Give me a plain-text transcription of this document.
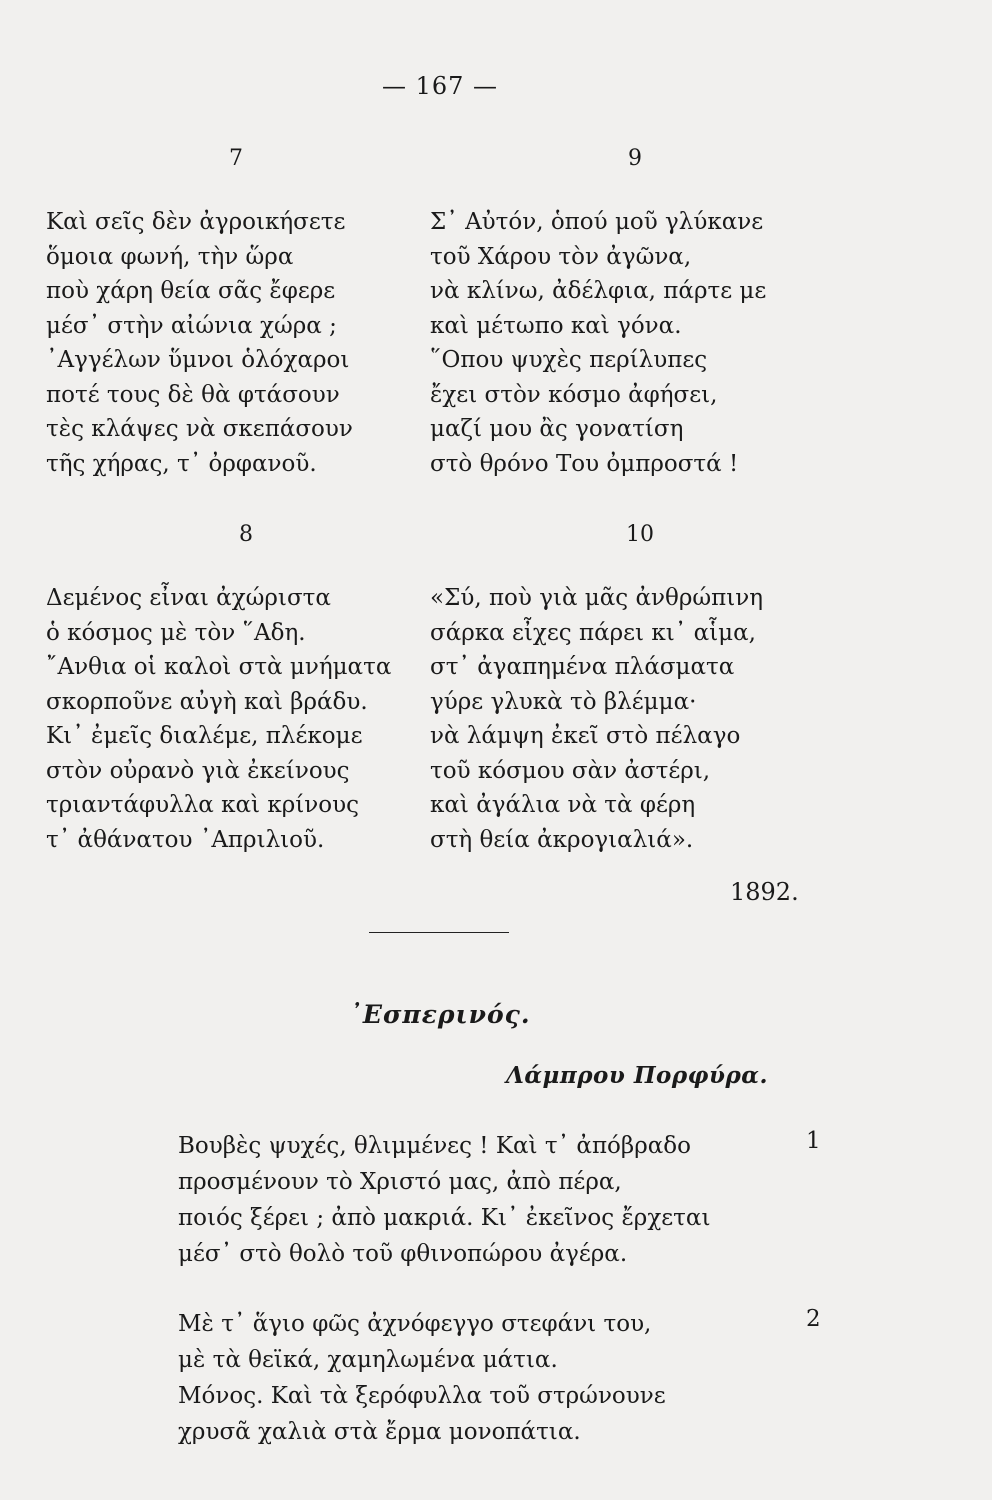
— 167 —
7
Καὶ σεῖς δὲν ἀγροικήσετε
ὅμοια φωνή, τὴν ὥρα
ποὺ χάρη θεία σᾶς ἔφερε
μέσ᾽ στὴν αἰώνια χώρα ;
᾿Αγγέλων ὕμνοι ὁλόχαροι
ποτέ τους δὲ θὰ φτάσουν
τὲς κλάψες νὰ σκεπάσουν
τῆς χήρας, τ᾽ ὀρφανοῦ.
9
Σ᾽ Αὐτόν, ὁπού μοῦ γλύκανε
τοῦ Χάρου τὸν ἀγῶνα,
νὰ κλίνω, ἀδέλφια, πάρτε με
καὶ μέτωπο καὶ γόνα.
῞Οπου ψυχὲς περίλυπες
ἔχει στὸν κόσμο ἀφήσει,
μαζί μου ἂς γονατίση
στὸ θρόνο Του ὀμπροστά !
8
Δεμένος εἶναι ἀχώριστα
ὁ κόσμος μὲ τὸν ῞Αδη.
῎Ανθια οἱ καλοὶ στὰ μνήματα
σκορποῦνε αὐγὴ καὶ βράδυ.
Κι᾽ ἐμεῖς διαλέμε, πλέκομε
στὸν οὐρανὸ γιὰ ἐκείνους
τριαντάφυλλα καὶ κρίνους
τ᾽ ἀθάνατου ᾿Απριλιοῦ.
10
«Σύ, ποὺ γιὰ μᾶς ἀνθρώπινη
σάρκα εἶχες πάρει κι᾽ αἷμα,
στ᾽ ἀγαπημένα πλάσματα
γύρε γλυκὰ τὸ βλέμμα·
νὰ λάμψη ἐκεῖ στὸ πέλαγο
τοῦ κόσμου σὰν ἀστέρι,
καὶ ἀγάλια νὰ τὰ φέρη
στὴ θεία ἀκρογιαλιά».
1892.
᾿Εσπερινός.
Λάμπρου Πορφύρα.
Βουβὲς ψυχές, θλιμμένες ! Καὶ τ᾽ ἀπόβραδο
προσμένουν τὸ Χριστό μας, ἀπὸ πέρα,
ποιός ξέρει ; ἀπὸ μακριά. Κι᾽ ἐκεῖνος ἔρχεται
μέσ᾽ στὸ θολὸ τοῦ φθινοπώρου ἀγέρα.
1
Μὲ τ᾽ ἅγιο φῶς ἀχνόφεγγο στεφάνι του,
μὲ τὰ θεϊκά, χαμηλωμένα μάτια.
Μόνος. Καὶ τὰ ξερόφυλλα τοῦ στρώνουνε
χρυσᾶ χαλιὰ στὰ ἔρμα μονοπάτια.
2
